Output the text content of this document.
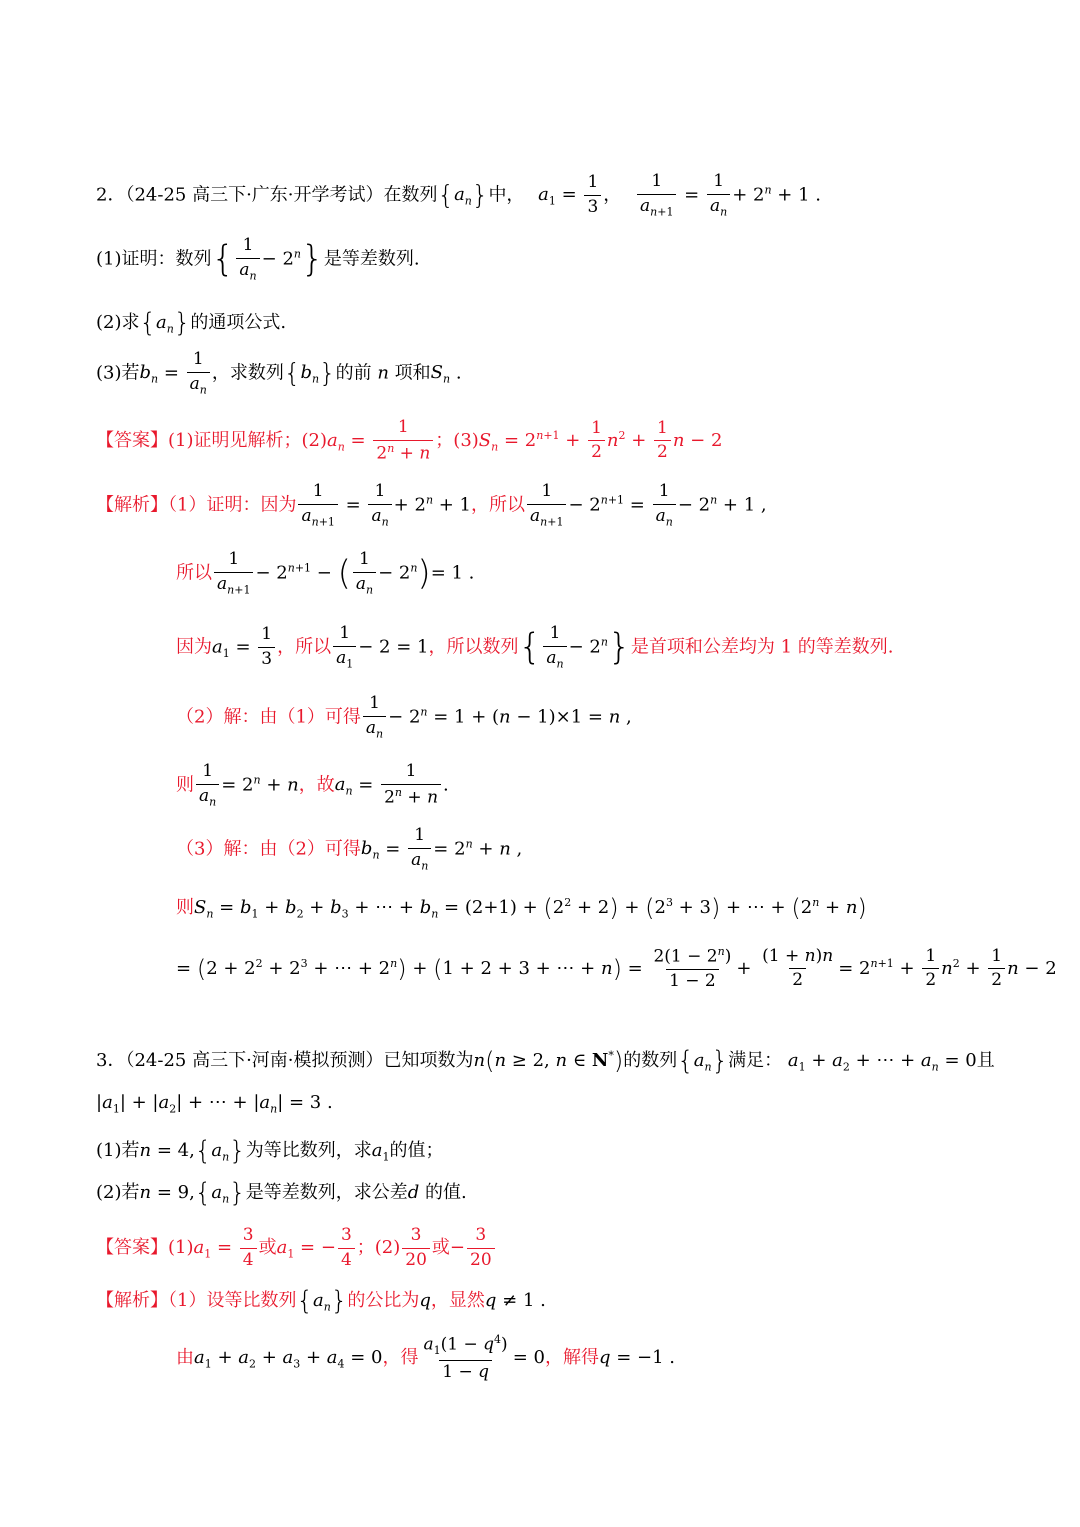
2．（24-25 高三下·广东·开学考试）在数列$\{a_n\}$中， $a_1 = \frac{1}{3}$ ， $\frac{1}{a_{n+1}} = \frac{1}{a_n} + 2^n + 1$ .
(1)证明：数列{ $\frac{1}{a_n} - 2^n$}是等差数列.
(2)求$\{a_n\}$的通项公式.
(3)若$b_n = \frac{1}{a_n}$ ，求数列$\{b_n\}$的前 n 项和$S_n$ .
【答案】(1)证明见解析；$(2)a_n = \frac{1}{2^n + n}$ ；$(3)S_n = 2^{n+1} + \frac{1}{2} n^2 + \frac{1}{2}$ n − 2
【解析】（1）证明：因为 $\frac{1}{a_{n+1}} = \frac{1}{a_n} + 2^n + 1$，所以 $\frac{1}{a_{n+1}} - 2^{n+1} = \frac{1}{a_n} - 2^n + 1$ ,
所以 $\frac{1}{a_{n+1}} - 2^{n+1}$ − ( $\frac{1}{a_n} - 2^n)= 1$ .
因为$a_1 = \frac{1}{3}$ ，所以 $\frac{1}{a_1} - 2 = 1$，所以数列{ $\frac{1}{a_n} - 2^n$}是首项和公差均为 1 的等差数列.
（2）解：由（1）可得 $\frac{1}{a_n} - 2^n = 1 + (n - 1)\times 1 = n$ ,
则 $\frac{1}{a_n} = 2^n + n$，故$a_n = \frac{1}{2^n + n}$ .
（3）解：由（2）可得$b_n = \frac{1}{a_n} = 2^n + n$ ,
则$S_n = b_1 + b_2 + b_3$ + ⋯ + $b_n = (2+1) + (2^2 + 2) + (2^3 + 3)$ + ⋯ + $(2^n + n)$
= ($2 + 2^2 + 2^3$ + ⋯ + $2^n) + (1 + 2 + 3$ + ⋯ + $n) = \frac{2(1 - 2^n)}{1 - 2} + \frac{(1 + n)n}{2} = 2^{n+1} + \frac{1}{2} n^2 + \frac{1}{2}$ n − 2
3．（24-25 高三下·河南·模拟预测）已知项数为n(n ≥ 2, n ∈ N*)的数列$\{a_n\}$满足： $a_1 + a_2$ + ⋯ + $a_n = 0$且
$|a_1| + |a_2|$ + ⋯ + $|a_n| = 3$ .
(1)若$n = 4,\{a_n\}$为等比数列，求$a_1$的值；
(2)若$n = 9,\{a_n\}$是等差数列，求公差d 的值.
【答案】$(1)a_1 = \frac{3}{4}$ 或$a_1$ = − $\frac{3}{4}$ ；$(2) \frac{3}{20}$ 或− $\frac{3}{20}$
【解析】（1）设等比数列$\{a_n\}$的公比为q，显然q ≠ 1 .
由$a_1 + a_2 + a_3 + a_4 = 0$，得 $\frac{a_1(1 - q^4)}{1 - q} = 0$，解得q = −1 .
